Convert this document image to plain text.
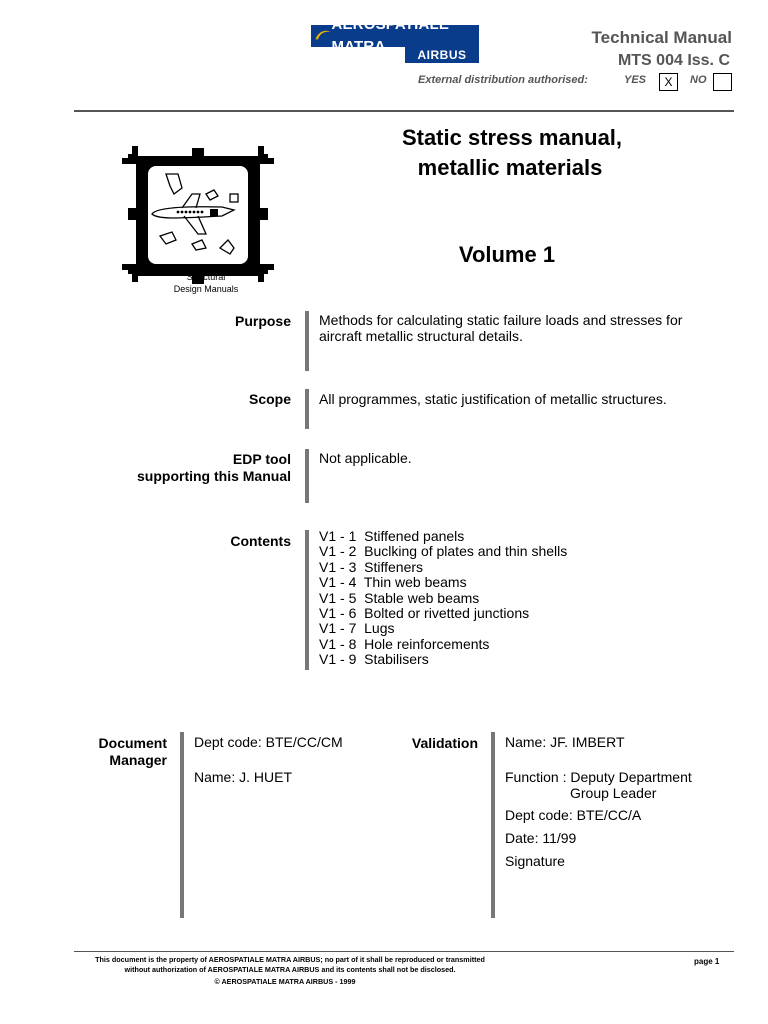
AEROSPATIALE MATRA	AIRBUS
Technical Manual
MTS 004 Iss. C
External distribution authorised:	YES	X	NO
Structural
Design Manuals
Static stress manual,
metallic materials
Volume 1
Purpose Methods for calculating static failure loads and stresses for
aircraft metallic structural details.
Scope All programmes, static justification of metallic structures.
EDP tool
supporting this Manual
Not applicable.
Contents V1 - 1  Stiffened panels
V1 - 2  Buclking of plates and thin shells
V1 - 3  Stiffeners
V1 - 4  Thin web beams
V1 - 5  Stable web beams
V1 - 6  Bolted or rivetted junctions
V1 - 7  Lugs
V1 - 8  Hole reinforcements
V1 - 9  Stabilisers
Document
Manager
Dept code: BTE/CC/CM
Name: J. HUET
Validation Name: JF. IMBERT
Function : Deputy Department
Group Leader
Dept code: BTE/CC/A
Date: 11/99
Signature
This document is the property of AEROSPATIALE MATRA AIRBUS; no part of it shall be reproduced or transmitted
without authorization of AEROSPATIALE MATRA AIRBUS and its contents shall not be disclosed.
page 1
© AEROSPATIALE MATRA AIRBUS - 1999
